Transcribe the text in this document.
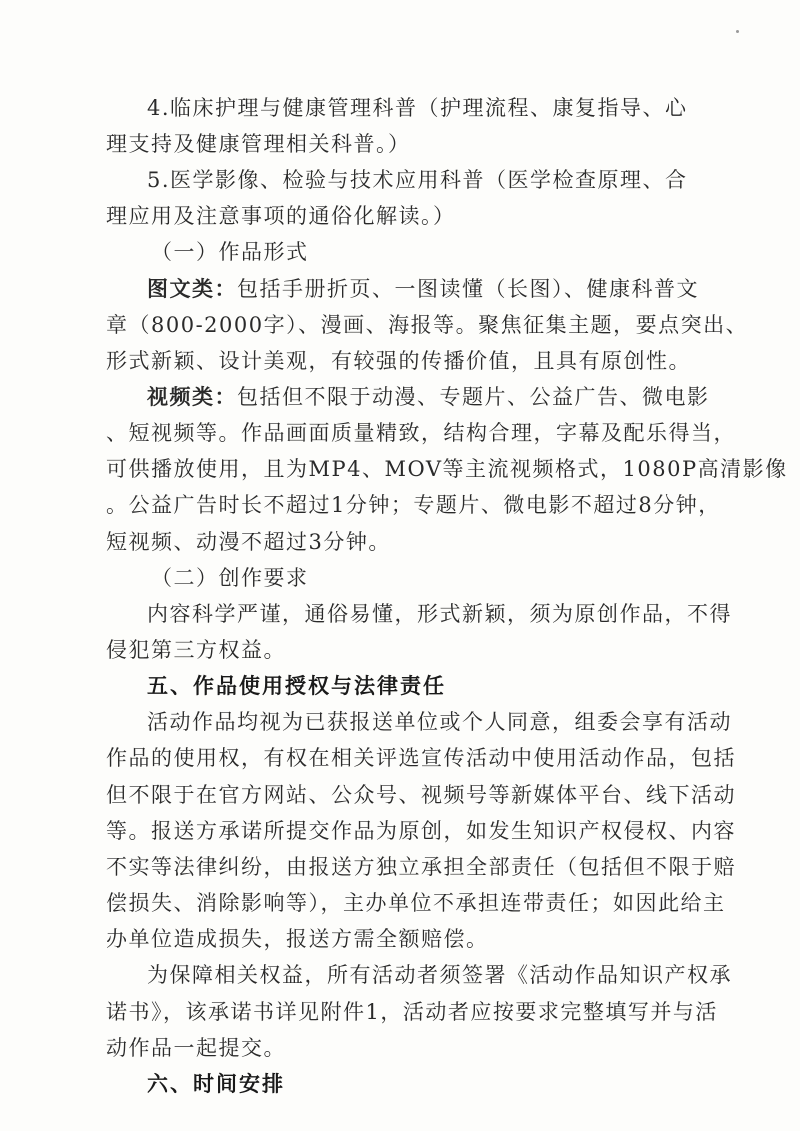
4.临床护理与健康管理科普（护理流程、康复指导、心
理支持及健康管理相关科普。）
5.医学影像、检验与技术应用科普（医学检查原理、合
理应用及注意事项的通俗化解读。）
（一）作品形式
图文类：包括手册折页、一图读懂（长图）、健康科普文
章（800-2000字）、漫画、海报等。聚焦征集主题，要点突出、
形式新颖、设计美观，有较强的传播价值，且具有原创性。
视频类：包括但不限于动漫、专题片、公益广告、微电影
、短视频等。作品画面质量精致，结构合理，字幕及配乐得当，
可供播放使用，且为MP4、MOV等主流视频格式，1080P高清影像
。公益广告时长不超过1分钟；专题片、微电影不超过8分钟，
短视频、动漫不超过3分钟。
（二）创作要求
内容科学严谨，通俗易懂，形式新颖，须为原创作品，不得
侵犯第三方权益。
五、作品使用授权与法律责任
活动作品均视为已获报送单位或个人同意，组委会享有活动
作品的使用权，有权在相关评选宣传活动中使用活动作品，包括
但不限于在官方网站、公众号、视频号等新媒体平台、线下活动
等。报送方承诺所提交作品为原创，如发生知识产权侵权、内容
不实等法律纠纷，由报送方独立承担全部责任（包括但不限于赔
偿损失、消除影响等），主办单位不承担连带责任；如因此给主
办单位造成损失，报送方需全额赔偿。
为保障相关权益，所有活动者须签署《活动作品知识产权承
诺书》，该承诺书详见附件1，活动者应按要求完整填写并与活
动作品一起提交。
六、时间安排
